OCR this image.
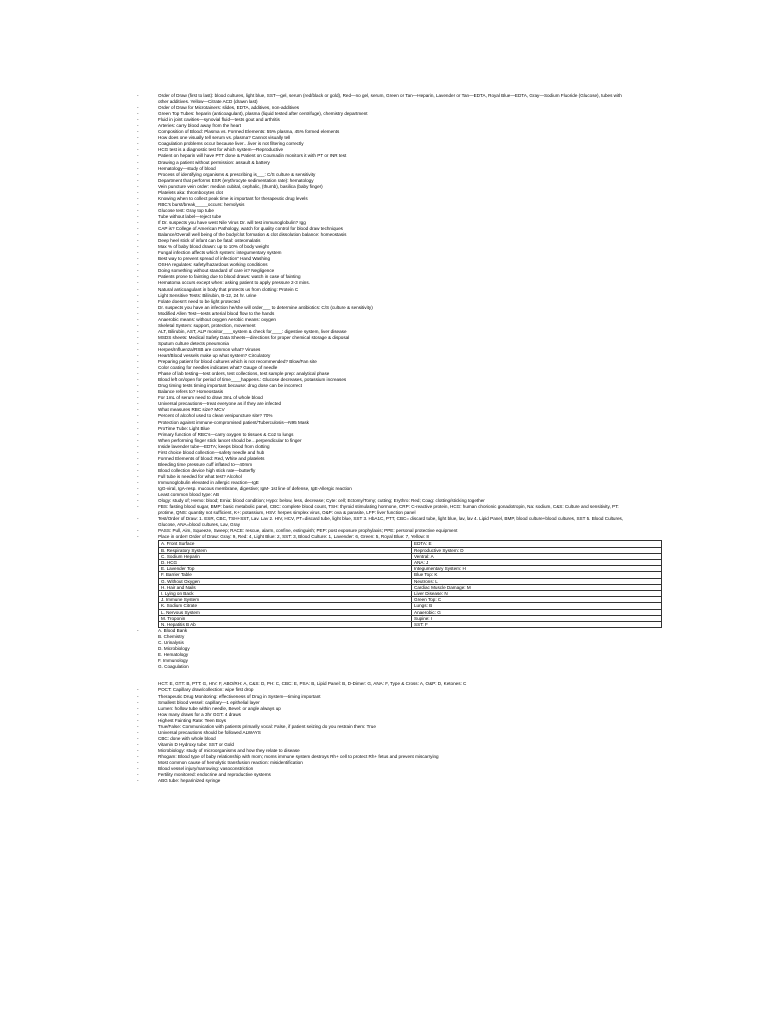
-	Order of Draw (first to last): blood cultures, light blue, SST—gel, serum (red/black or gold), Red—no gel, serum, Green or Tan—Heparin, Lavender or Tan—EDTA, Royal Blue—EDTA, Gray—Sodium Fluoride (Glucose), tubes with other additives. Yellow—Citrate ACD (drawn last)
-	Order of Draw for Microtainers: slides, EDTA, additives, non-additives
-	Green Top Tubes: heparin (anticoagulant), plasma (liquid tested after centrifuge), chemistry department
-	Fluid in joint cavities—synovial fluid—tests gout and arthritis
-	Arteries: carry blood away from the heart
-	Composition of Blood: Plasma vs. Formed Elements: 55% plasma, 45% formed elements
-	How does one visually tell serum vs. plasma? Cannot visually tell
-	Coagulation problems occur because liver…liver is not filtering correctly
-	HCG test is a diagnostic test for which system—Reproductive
-	Patient on heparin will have PTT done & Patient on Coumadin monitors it with PT or INR test
-	Drawing a patient without permission: assault & battery
-	Hematology—study of blood
-	Process of identifying organisms & prescribing is___: C/S culture & sensitivity
-	Department that performs ESR (erythrocyte sedimentation rate): hematology
-	Vein puncture vein order: median cubital, cephalic, (thumb), basilica (baby finger)
-	Platelets aka: thrombocytes clot
-	Knowing when to collect peak time is important for therapeutic drug levels
-	RBC's burst/break_____occurs: hemolysis
-	Glucose test: Gray top tube
-	Tube without label—reject tube
-	If Dr. suspects you have west Nile Virus Dr. will test immunoglobulin? Igg
-	CAP is? College of American Pathology, watch for quality control for blood draw techniques
-	Balance/Overall well being of the body/clot formation & clot dissolution balance: homeostasis
-	Deep heel stick of infant can be fatal: osteomalatis
-	Max % of baby blood drawn: up to 10% of body weight
-	Fungal infection affects which system: integumentary system
-	Best way to prevent spread of infection" Hand Washing
-	OSHA regulates: safety/hazardous working conditions
-	Doing something without standard of care is? Negligence
-	Patients prone to fainting due to blood draws: watch in case of fainting
-	Hematoma occurs except when: asking patient to apply pressure 2-3 mins.
-	Natural anticoagulant in body that protects us from clotting: Protein C
-	Light Sensitive Tests: Bilirubin, B-12, 24 hr. urine
-	Folate doesn't need to be light protected
-	Dr. suspects you have an infection he/she will order___ to determine antibiotics: C/S (culture & sensitivity)
-	Modified Allen Test—tests arterial blood flow to the hands
-	Anaerobic means: without oxygen Aerobic means: oxygen
-	Skeletal System: support, protection, movement
-	ALT, Bilirubin, AST, ALP monitor____system & check for____: digestive system, liver disease
-	MSDS sheets: Medical Safety Data Sheets—directions for proper chemical storage & disposal
-	Sputum culture detects pneumonia
-	Herpes/Influenza/RSB are common what? Viruses
-	Heart/Blood vessels make up what system? Circulatory
-	Preparing patient for blood cultures which is not recommended? Blow/Fan site
-	Color coating for needles indicates what? Gauge of needle
-	Phase of lab testing—test orders, test collections, test sample prep: analytical phase
-	Blood left on/open for period of time____happens.: Glucose decreases, potassium increases
-	Drug timing tests timing important because: drug dose can be incorrect
-	Balance refers to? Homeostasis
-	For 1mL of serum need to draw 3mL of whole blood
-	Universal precautions—treat everyone as if they are infected
-	What measures RBC size? MCV
-	Percent of alcohol used to clean venipuncture site? 70%
-	Protection against immune-compromised patient/Tuberculosis—N95 Mask
-	ProTime Tube: Light Blue
-	Primary function of RBC's—carry oxygen to tissues & Co2 to lungs
-	When performing finger stick lancet should be…perpendicular to finger
-	Inside lavender tube—EDTA; keeps blood from clotting
-	First choice blood collection—safety needle and hub
-	Formed Elements of blood: Red, White and platelets
-	Bleeding time pressure cuff inflated to—40mm
-	Blood collection device high stick rate—butterfly
-	Full tube is needed for what test? Alcohol
-	Immunoglobulin elevated in allergic reaction—IgE
-	IgG-viral, IgA-resp. mucous membrane, digestive; IgM- 1st line of defense, IgE-Allergic reaction
-	Least common blood type: AB
-	Ology: study of; Hemo: blood; Emia: blood condition; Hypo: below, less, decrease; Cyte: cell; Ectomy/Tomy; cutting; Erythro: Red; Coag: clotting/sticking together
-	FBS: fasting blood sugar, BMP: basic metabolic panel, CBC: complete blood count, TSH: thyroid stimulating hormone, CRP: C-reactive protein, HCG: human chorionic gonadotropin, Na: sodium, C&S: Culture and sensitivity, PT: protime, QNS: quantity not sufficient, K+: potassium, HSV: herpes simplex virus, O&P: ova & parasite, LFP: liver function panel
-	Test/Order of Draw: 1. ESR, CBC, TSH+SST, Lav. Lav 2. HIV, HCV, PT=discard tube, light blue, SST 3. HbA1C, PTT, CBC= discard tube, light blue, lav, lav 4. Lipid Panel, BMP, blood culture+blood cultures, SST 5. Blood Cultures, Glucose, ANA=blood cultures, Lav, Gray
-	PASS: Pull, Aim, Squeeze, Sweep; RACE: rescue, alarm, confine, extinguish; PEP: post exposure prophylaxis; PPE: personal protective equipment
-	Place in order! Order of Draw: Gray: 9, Red: 4, Light Blue: 2, SST: 3, Blood Culture: 1, Lavender: 6, Green: 5, Royal Blue: 7, Yellow: 8
A. Front Surface	EDTA: E
B. Respiratory System	Reproductive System: D
C. Sodium Heparin	Ventral: A
D. HCG	ANA: J
E. Lavender Top	Integumentary System: H
F. Barrier Table	Blue Top: K
G. Without Oxygen	Neutrons: L
H. Hair and Nails	Cardiac Muscle Damage: M
I. Lying on Back	Liver Disease: N
J. Immune System	Green Top: C
K. Sodium Citrate	Lungs: B
L. Nervous System	Anaerobic: G
M. Troponin	Supine: I
N. Hepatitis B Ab	SST: F
-	A. Blood Bank
B. Chemistry
C. Urinalysis
D. Microbiology
E. Hematology
F. Immunology
G. Coagulation
HCT: E, GTT: B, PTT: G, HIV: F, ABO/RH: A, C&S: D, PH: C, CBC: E, PSA: B, Lipid Panel: B, D-Dimer: G, ANA: F, Type & Cross: A, O&P: D, Ketones: C
-	POCT: Capillary draw/collection: wipe first drop
-	Therapeutic Drug Monitoring: effectiveness of Drug in System—timing important
-	Smallest blood vessel: capillary—1 epithelial layer
-	Lumen: hollow tube within needle, Bevel: or angle always up
-	How many draws for a 3hr GGT: 4 draws
-	Highest Fainting Rate: Teen Boys
-	True/False: Communication with patients primarily vocal: False, if patient seizing do you restrain them: True
-	Universal precautions should be followed ALWAYS
-	CBC: done with whole blood
-	Vitamin D Hydroxy tube: SST or Gold
-	Microbiology: study of microorganisms and how they relate to disease
-	Rhogam: Blood type of baby relationship with mom; moms immune system destroys Rh+ cell to protect Rh+ fetus and prevent miscarrying
-	Most common cause of hemolytic transfusion reaction: misidentification
-	Blood vessel injury/narrowing: vasoconstriction
-	Fertility monitored: endocrine and reproductive systems
-	ABG tube: heparinized syringe
